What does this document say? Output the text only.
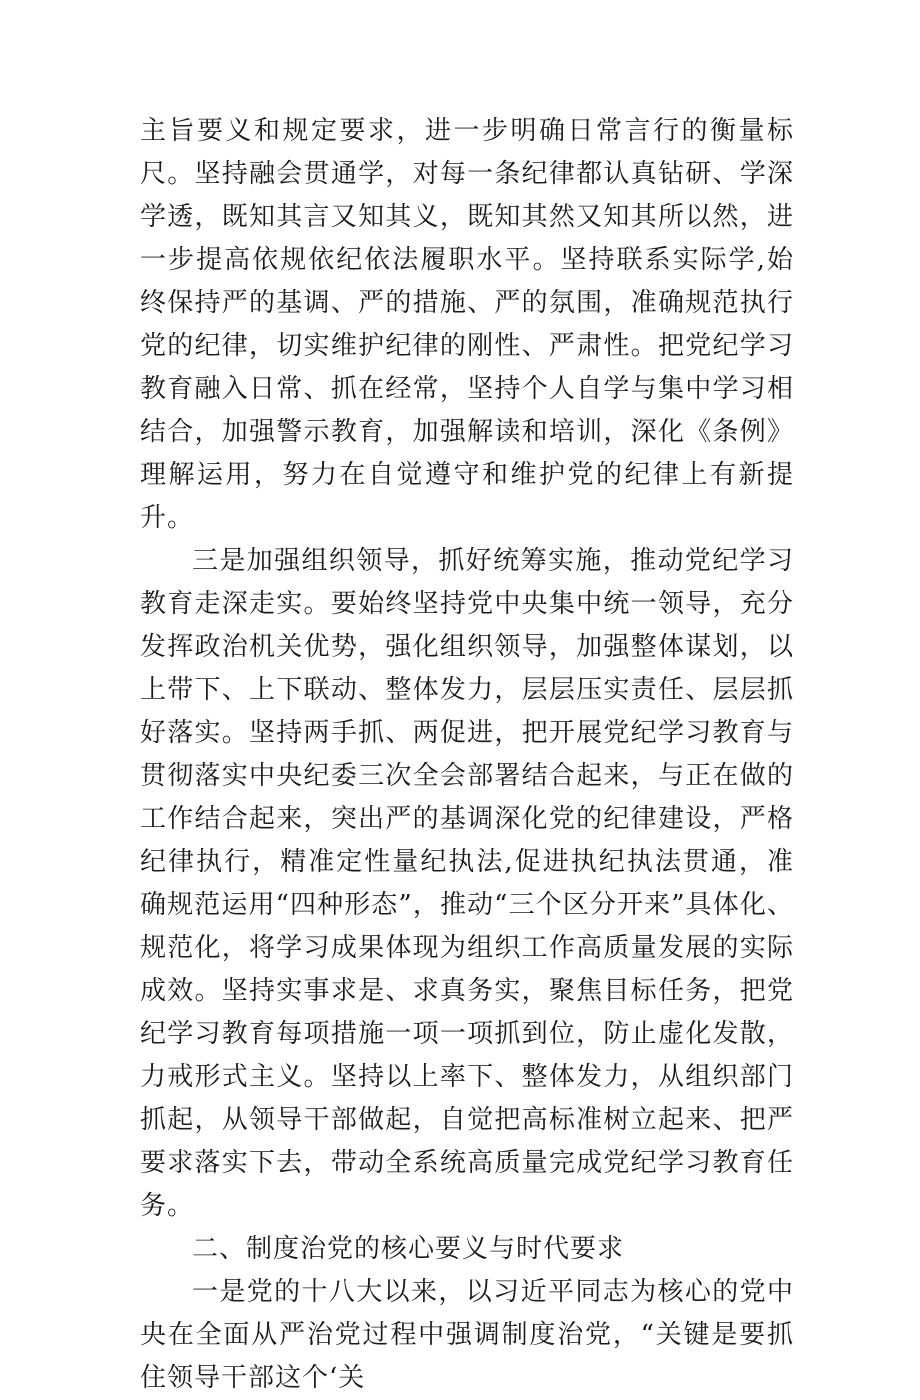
主旨要义和规定要求，进一步明确日常言行的衡量标尺。坚持融会贯通学，对每一条纪律都认真钻研、学深学透，既知其言又知其义，既知其然又知其所以然，进一步提高依规依纪依法履职水平。坚持联系实际学,始终保持严的基调、严的措施、严的氛围，准确规范执行党的纪律，切实维护纪律的刚性、严肃性。把党纪学习教育融入日常、抓在经常，坚持个人自学与集中学习相结合，加强警示教育，加强解读和培训，深化《条例》理解运用，努力在自觉遵守和维护党的纪律上有新提升。

三是加强组织领导，抓好统筹实施，推动党纪学习教育走深走实。要始终坚持党中央集中统一领导，充分发挥政治机关优势，强化组织领导，加强整体谋划，以上带下、上下联动、整体发力，层层压实责任、层层抓好落实。坚持两手抓、两促进，把开展党纪学习教育与贯彻落实中央纪委三次全会部署结合起来，与正在做的工作结合起来，突出严的基调深化党的纪律建设，严格纪律执行，精准定性量纪执法,促进执纪执法贯通，准确规范运用“四种形态”，推动“三个区分开来”具体化、规范化，将学习成果体现为组织工作高质量发展的实际成效。坚持实事求是、求真务实，聚焦目标任务，把党纪学习教育每项措施一项一项抓到位，防止虚化发散，力戒形式主义。坚持以上率下、整体发力，从组织部门抓起，从领导干部做起，自觉把高标准树立起来、把严要求落实下去，带动全系统高质量完成党纪学习教育任务。

二、制度治党的核心要义与时代要求

一是党的十八大以来，以习近平同志为核心的党中央在全面从严治党过程中强调制度治党，“关键是要抓住领导干部这个‘关
